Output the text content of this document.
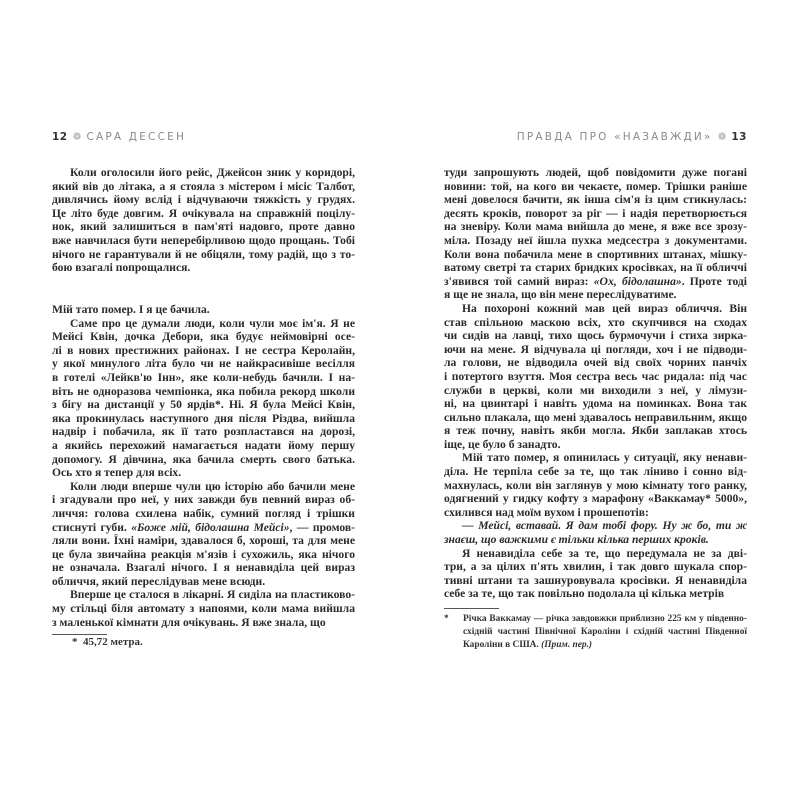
12 ❁ САРА ДЕССЕН	ПРАВДА ПРО «НАЗАВЖДИ» ❁ 13
Коли оголосили його рейс, Джейсон зник у коридорі,
який вів до літака, а я стояла з містером і місіс Талбот,
дивлячись йому вслід і відчуваючи тяжкість у грудях.
Це літо буде довгим. Я очікувала на справжній поцілу-
нок, який залишиться в пам'яті надовго, проте давно
вже навчилася бути неперебірливою щодо прощань. Тобі
нічого не гарантували й не обіцяли, тому радій, що з то-
бою взагалі попрощалися.
Мій тато помер. І я це бачила.
Саме про це думали люди, коли чули моє ім'я. Я не
Мейсі Квін, дочка Дебори, яка будує неймовірні осе-
лі в нових престижних районах. І не сестра Керолайн,
у якої минулого літа було чи не найкрасивіше весілля
в готелі «Лейкв'ю Інн», яке коли-небудь бачили. І на-
віть не одноразова чемпіонка, яка побила рекорд школи
з бігу на дистанції у 50 ярдів*. Ні. Я була Мейсі Квін,
яка прокинулась наступного дня після Різдва, вийшла
надвір і побачила, як її тато розпластався на дорозі,
а якийсь перехожий намагається надати йому першу
допомогу. Я дівчина, яка бачила смерть свого батька.
Ось хто я тепер для всіх.
Коли люди вперше чули цю історію або бачили мене
і згадували про неї, у них завжди був певний вираз об-
личчя: голова схилена набік, сумний погляд і трішки
стиснуті губи. «Боже мій, бідолашна Мейсі», — промов-
ляли вони. Їхні наміри, здавалося б, хороші, та для мене
це була звичайна реакція м'язів і сухожиль, яка нічого
не означала. Взагалі нічого. І я ненавиділа цей вираз
обличчя, який переслідував мене всюди.
Вперше це сталося в лікарні. Я сиділа на пластиково-
му стільці біля автомату з напоями, коли мама вийшла
з маленької кімнати для очікувань. Я вже знала, що
* 45,72 метра.
туди запрошують людей, щоб повідомити дуже погані
новини: той, на кого ви чекаєте, помер. Трішки раніше
мені довелося бачити, як інша сім'я із цим стикнулась:
десять кроків, поворот за ріг — і надія перетворюється
на зневіру. Коли мама вийшла до мене, я вже все зрозу-
міла. Позаду неї йшла пухка медсестра з документами.
Коли вона побачила мене в спортивних штанах, мішку-
ватому светрі та старих бридких кросівках, на її обличчі
з'явився той самий вираз: «Ох, бідолашна». Проте тоді
я ще не знала, що він мене переслідуватиме.
На похороні кожний мав цей вираз обличчя. Він
став спільною маскою всіх, хто скупчився на сходах
чи сидів на лавці, тихо щось бурмочучи і стиха зирка-
ючи на мене. Я відчувала ці погляди, хоч і не підводи-
ла голови, не відводила очей від своїх чорних панчіх
і потертого взуття. Моя сестра весь час ридала: під час
служби в церкві, коли ми виходили з неї, у лімузи-
ні, на цвинтарі і навіть удома на поминках. Вона так
сильно плакала, що мені здавалось неправильним, якщо
я теж почну, навіть якби могла. Якби заплакав хтось
іще, це було б занадто.
Мій тато помер, я опинилась у ситуації, яку ненави-
діла. Не терпіла себе за те, що так ліниво і сонно від-
махнулась, коли він заглянув у мою кімнату того ранку,
одягнений у гидку кофту з марафону «Ваккамау* 5000»,
схилився над моїм вухом і прошепотів:
— Мейсі, вставай. Я дам тобі фору. Ну ж бо, ти ж
знаєш, що важкими є тільки кілька перших кроків.
Я ненавиділа себе за те, що передумала не за дві-
три, а за цілих п'ять хвилин, і так довго шукала спор-
тивні штани та зашнуровувала кросівки. Я ненавиділа
себе за те, що так повільно подолала ці кілька метрів
* Річка Ваккамау — річка завдовжки приблизно 225 км у південно-
східній частині Північної Кароліни і східній частині Південної
Кароліни в США. (Прим. пер.)
